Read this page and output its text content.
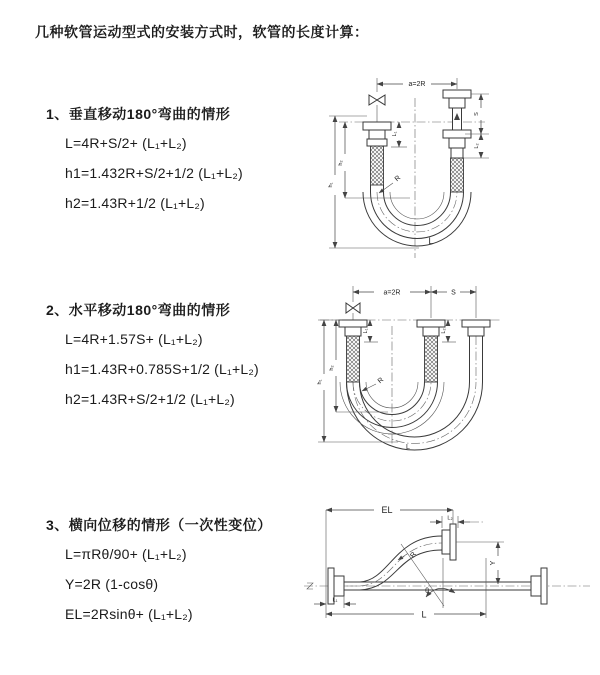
几种软管运动型式的安装方式时，软管的长度计算：
1、垂直移动180°弯曲的情形
L=4R+S/2+ (L₁+L₂)
h1=1.432R+S/2+1/2 (L₁+L₂)
h2=1.43R+1/2 (L₁+L₂)
a=2R
h₁
h₂
L₁
S
L₂
R
L
2、水平移动180°弯曲的情形
L=4R+1.57S+ (L₁+L₂)
h1=1.43R+0.785S+1/2 (L₁+L₂)
h2=1.43R+S/2+1/2 (L₁+L₂)
a=2R	S
h₁
h₂
L₁	L₂
R
L
3、横向位移的情形（一次性变位）
L=πRθ/90+ (L₁+L₂)
Y=2R (1-cosθ)
EL=2Rsinθ+ (L₁+L₂)
θ
R
EL
L₂
Y
L
L₁
